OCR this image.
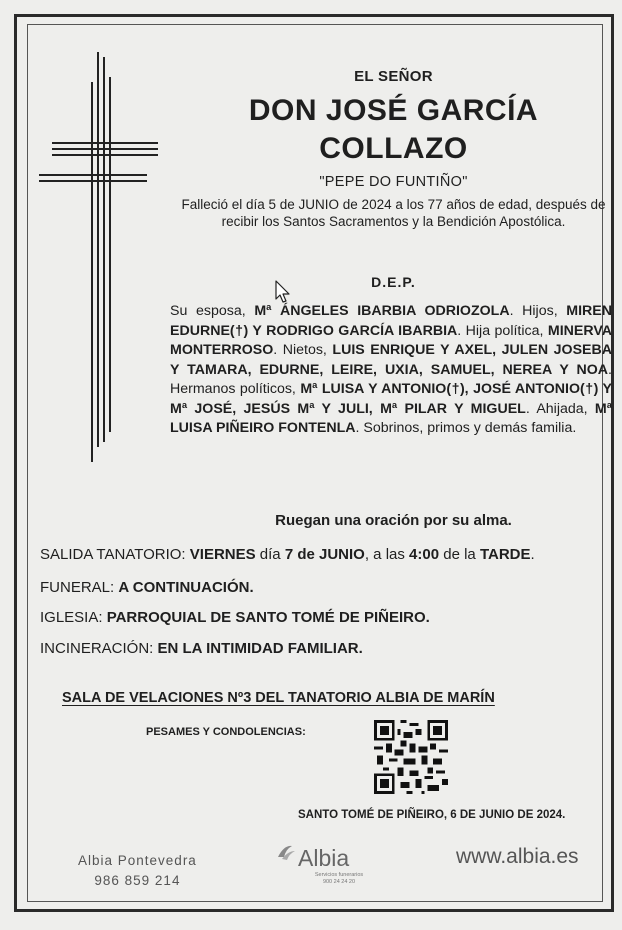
EL SEÑOR
DON JOSÉ GARCÍA
COLLAZO
"PEPE DO FUNTIÑO"
Falleció el día 5 de JUNIO de 2024 a los 77 años de edad, después de recibir los Santos Sacramentos y la Bendición Apostólica.
D.E.P.
Su esposa, Mª ÁNGELES IBARBIA ODRIOZOLA. Hijos, MIREN EDURNE(†) Y RODRIGO GARCÍA IBARBIA. Hija política, MINERVA MONTERROSO. Nietos, LUIS ENRIQUE Y AXEL, JULEN JOSEBA Y TAMARA, EDURNE, LEIRE, UXIA, SAMUEL, NEREA Y NOA. Hermanos políticos, Mª LUISA Y ANTONIO(†), JOSÉ ANTONIO(†) Y Mª JOSÉ, JESÚS Mª Y JULI, Mª PILAR Y MIGUEL. Ahijada, Mª LUISA PIÑEIRO FONTENLA. Sobrinos, primos y demás familia.
Ruegan una oración por su alma.
SALIDA TANATORIO: VIERNES día 7 de JUNIO, a las 4:00 de la TARDE.
FUNERAL: A CONTINUACIÓN.
IGLESIA: PARROQUIAL DE SANTO TOMÉ DE PIÑEIRO.
INCINERACIÓN: EN LA INTIMIDAD FAMILIAR.
SALA DE VELACIONES Nº3 DEL TANATORIO ALBIA DE MARÍN
PESAMES Y CONDOLENCIAS:
SANTO TOMÉ DE PIÑEIRO, 6 DE JUNIO DE 2024.
Albia Pontevedra
986 859 214
Albia
Servicios funerarios
900 24 24 20
www.albia.es
